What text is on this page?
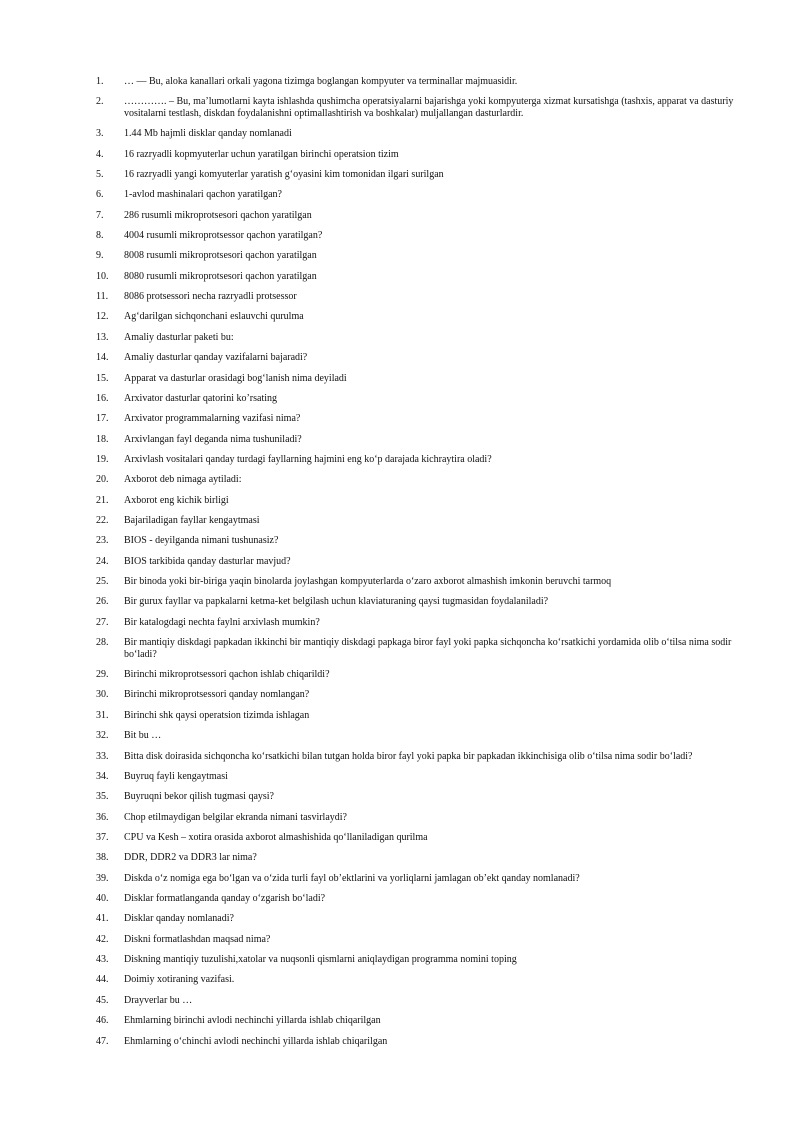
1.	… — Bu, aloka kanallari orkali yagona tizimga boglangan kompyuter va terminallar majmuasidir.
2.	…………. – Bu, ma’lumotlarni kayta ishlashda qushimcha operatsiyalarni bajarishga yoki kompyuterga xizmat kursatishga (tashxis, apparat va dasturiy vositalarni testlash, diskdan foydalanishni optimallashtirish va boshkalar) muljallangan dasturlardir.
3.	1.44 Mb hajmli disklar qanday nomlanadi
4.	16 razryadli kopmyuterlar uchun yaratilgan birinchi operatsion tizim
5.	16 razryadli yangi komyuterlar yaratish g‘oyasini kim tomonidan ilgari surilgan
6.	1-avlod mashinalari qachon yaratilgan?
7.	286 rusumli mikroprotsesori qachon yaratilgan
8.	4004 rusumli mikroprotsessor qachon yaratilgan?
9.	8008 rusumli mikroprotsesori qachon yaratilgan
10.	8080 rusumli mikroprotsesori qachon yaratilgan
11.	8086 protsessori necha razryadli protsessor
12.	Ag‘darilgan sichqonchani eslauvchi qurulma
13.	Amaliy dasturlar paketi bu:
14.	Amaliy dasturlar qanday vazifalarni bajaradi?
15.	Apparat va dasturlar orasidagi bog‘lanish nima deyiladi
16.	Arxivator dasturlar qatorini ko’rsating
17.	Arxivator programmalarning vazifasi nima?
18.	Arxivlangan fayl deganda nima tushuniladi?
19.	Arxivlash vositalari qanday turdagi fayllarning hajmini eng ko‘p darajada kichraytira oladi?
20.	Axborot deb nimaga aytiladi:
21.	Axborot eng kichik birligi
22.	Bajariladigan fayllar kengaytmasi
23.	BIOS - deyilganda nimani tushunasiz?
24.	BIOS tarkibida qanday dasturlar mavjud?
25.	Bir binoda yoki bir-biriga yaqin binolarda joylashgan kompyuterlarda o‘zaro axborot almashish imkonin beruvchi tarmoq
26.	Bir gurux fayllar va papkalarni ketma-ket belgilash uchun klaviaturaning qaysi tugmasidan foydalaniladi?
27.	Bir katalogdagi nechta faylni arxivlash mumkin?
28.	Bir mantiqiy diskdagi papkadan ikkinchi bir mantiqiy diskdagi papkaga biror fayl yoki papka sichqoncha ko‘rsatkichi yordamida olib o‘tilsa nima sodir bo‘ladi?
29.	Birinchi mikroprotsessori qachon ishlab chiqarildi?
30.	Birinchi mikroprotsessori qanday nomlangan?
31.	Birinchi shk qaysi operatsion tizimda ishlagan
32.	Bit bu …
33.	Bitta disk doirasida sichqoncha ko‘rsatkichi bilan tutgan holda biror fayl yoki papka bir papkadan ikkinchisiga olib o‘tilsa nima sodir bo‘ladi?
34.	Buyruq fayli kengaytmasi
35.	Buyruqni bekor qilish tugmasi qaysi?
36.	Chop etilmaydigan belgilar ekranda nimani tasvirlaydi?
37.	CPU va Kesh – xotira orasida axborot almashishida qo‘llaniladigan qurilma
38.	DDR, DDR2 va DDR3 lar nima?
39.	Diskda o‘z nomiga ega bo‘lgan va o‘zida turli fayl ob’ektlarini va yorliqlarni jamlagan ob’ekt qanday nomlanadi?
40.	Disklar formatlanganda qanday o‘zgarish bo‘ladi?
41.	Disklar qanday nomlanadi?
42.	Diskni formatlashdan maqsad nima?
43.	Diskning mantiqiy tuzulishi,xatolar va nuqsonli qismlarni aniqlaydigan programma nomini toping
44.	Doimiy xotiraning vazifasi.
45.	Drayverlar bu …
46.	Ehmlarning birinchi avlodi nechinchi yillarda ishlab chiqarilgan
47.	Ehmlarning o‘chinchi avlodi nechinchi yillarda ishlab chiqarilgan
